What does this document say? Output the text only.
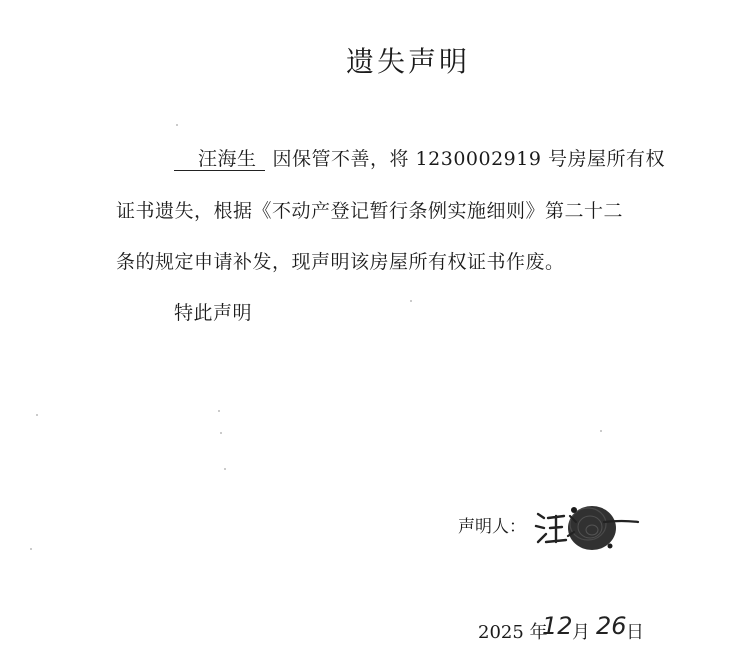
遗失声明
汪海生 因保管不善，将 1230002919 号房屋所有权
证书遗失，根据《不动产登记暂行条例实施细则》第二十二
条的规定申请补发，现声明该房屋所有权证书作废。
特此声明
声明人：
2025 年
12 月 26 日
